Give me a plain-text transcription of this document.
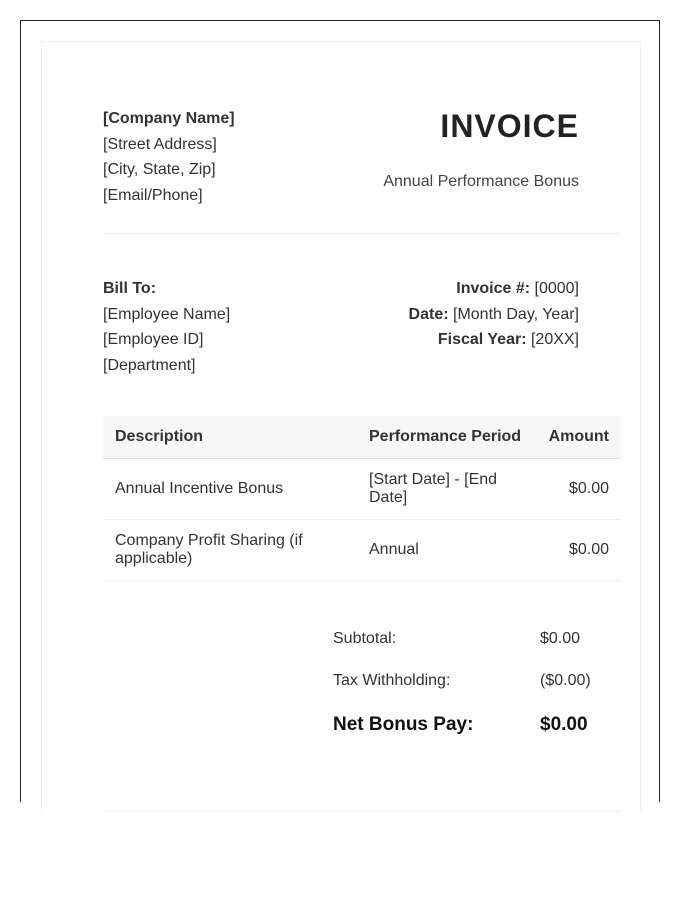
[Company Name]
[Street Address]
[City, State, Zip]
[Email/Phone]
INVOICE
Annual Performance Bonus
Bill To:
[Employee Name]
[Employee ID]
[Department]
Invoice #: [0000]
Date: [Month Day, Year]
Fiscal Year: [20XX]
Description	Performance Period	Amount
Annual Incentive Bonus	[Start Date] - [End Date]	$0.00
Company Profit Sharing (if applicable)	Annual	$0.00
Subtotal:	$0.00
Tax Withholding:	($0.00)
Net Bonus Pay:	$0.00
